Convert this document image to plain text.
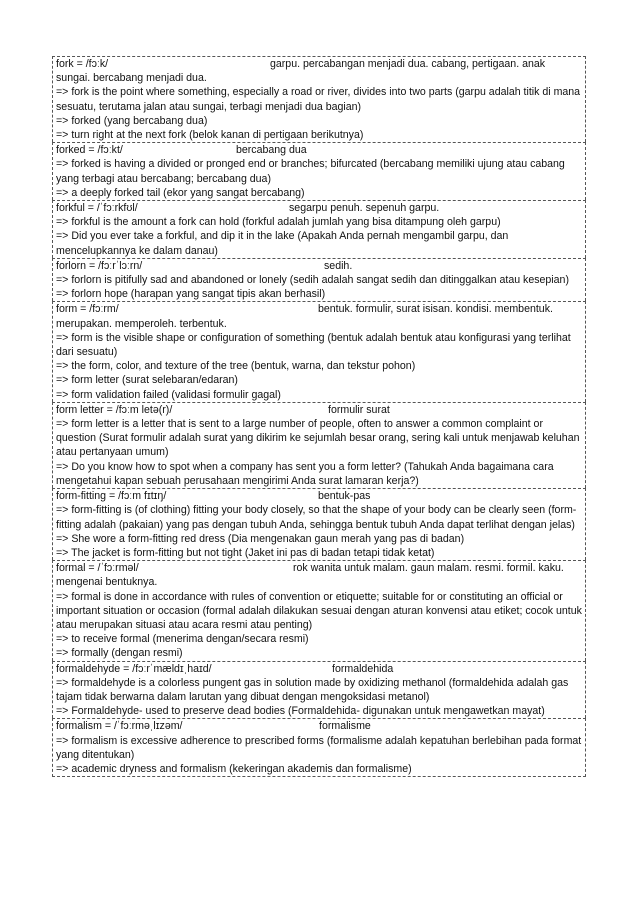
fork = /fɔːk/	garpu. percabangan menjadi dua. cabang, pertigaan. anak
sungai. bercabang menjadi dua.
=> fork is the point where something, especially a road or river, divides into two parts (garpu adalah titik di mana sesuatu, terutama jalan atau sungai, terbagi menjadi dua bagian)
=> forked (yang bercabang dua)
=> turn right at the next fork (belok kanan di pertigaan berikutnya)
forked = /fɔːkt/	bercabang dua
=> forked is having a divided or pronged end or branches; bifurcated (bercabang memiliki ujung atau cabang yang terbagi atau bercabang; bercabang dua)
=> a deeply forked tail (ekor yang sangat bercabang)
forkful = /ˈfɔːrkfʊl/	segarpu penuh. sepenuh garpu.
=> forkful is the amount a fork can hold (forkful adalah jumlah yang bisa ditampung oleh garpu)
=> Did you ever take a forkful, and dip it in the lake (Apakah Anda pernah mengambil garpu, dan mencelupkannya ke dalam danau)
forlorn = /fɔːrˈlɔːrn/	sedih.
=> forlorn is pitifully sad and abandoned or lonely (sedih adalah sangat sedih dan ditinggalkan atau kesepian)
=> forlorn hope (harapan yang sangat tipis akan berhasil)
form = /fɔːrm/	bentuk. formulir, surat isisan. kondisi. membentuk.
merupakan. memperoleh. terbentuk.
=> form is the visible shape or configuration of something (bentuk adalah bentuk atau konfigurasi yang terlihat dari sesuatu)
=> the form, color, and texture of the tree (bentuk, warna, dan tekstur pohon)
=> form letter (surat selebaran/edaran)
=> form validation failed (validasi formulir gagal)
form letter = /fɔːm letə(r)/	formulir surat
=> form letter is a letter that is sent to a large number of people, often to answer a common complaint or question (Surat formulir adalah surat yang dikirim ke sejumlah besar orang, sering kali untuk menjawab keluhan atau pertanyaan umum)
=> Do you know how to spot when a company has sent you a form letter? (Tahukah Anda bagaimana cara mengetahui kapan sebuah perusahaan mengirimi Anda surat lamaran kerja?)
form-fitting = /fɔːm fɪtɪŋ/	bentuk-pas
=> form-fitting is (of clothing) fitting your body closely, so that the shape of your body can be clearly seen (form-fitting adalah (pakaian) yang pas dengan tubuh Anda, sehingga bentuk tubuh Anda dapat terlihat dengan jelas)
=> She wore a form-fitting red dress (Dia mengenakan gaun merah yang pas di badan)
=> The jacket is form-fitting but not tight (Jaket ini pas di badan tetapi tidak ketat)
formal = /ˈfɔːrməl/	rok wanita untuk malam. gaun malam. resmi. formil. kaku.
mengenai bentuknya.
=> formal is done in accordance with rules of convention or etiquette; suitable for or constituting an official or important situation or occasion (formal adalah dilakukan sesuai dengan aturan konvensi atau etiket; cocok untuk atau merupakan situasi atau acara resmi atau penting)
=> to receive formal (menerima dengan/secara resmi)
=> formally (dengan resmi)
formaldehyde = /fɔːrˈmældɪˌhaɪd/	formaldehida
=> formaldehyde is a colorless pungent gas in solution made by oxidizing methanol (formaldehida adalah gas tajam tidak berwarna dalam larutan yang dibuat dengan mengoksidasi metanol)
=> Formaldehyde- used to preserve dead bodies (Formaldehida- digunakan untuk mengawetkan mayat)
formalism = /ˈfɔːrməˌlɪzəm/	formalisme
=> formalism is excessive adherence to prescribed forms (formalisme adalah kepatuhan berlebihan pada format yang ditentukan)
=> academic dryness and formalism (kekeringan akademis dan formalisme)
